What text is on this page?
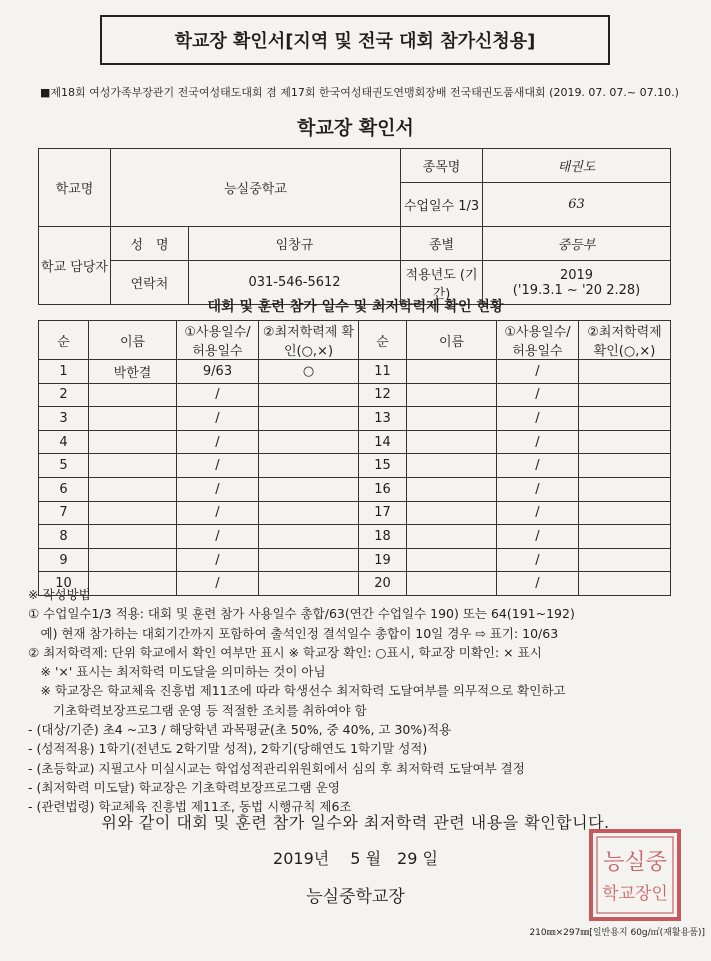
학교장 확인서[지역 및 전국 대회 참가신청용]
■제18회 여성가족부장관기 전국여성태도대회 겸 제17회 한국여성태권도연맹회장배 전국태권도품새대회 (2019. 07. 07.~ 07.10.)
학교장 확인서
학교명	능실중학교		종목명	태권도
			수업일수 1/3	63
학교 담당자	성　명	임창규	종별	중등부
	연락처	031-546-5612	적용년도 (기간)	2019
('19.3.1 ~ '20 2.28)
대회 및 훈련 참가 일수 및 최저학력제 확인 현황
순	이름	①사용일수/ 허용일수	②최저학력제 확인(○,×)	순	이름	①사용일수/ 허용일수	②최저학력제 확인(○,×)
1	박한결	9/63	○	11		/	
2		/		12		/	
3		/		13		/	
4		/		14		/	
5		/		15		/	
6		/		16		/	
7		/		17		/	
8		/		18		/	
9		/		19		/	
10		/		20		/	
※ 작성방법
① 수업일수1/3 적용: 대회 및 훈련 참가 사용일수 총합/63(연간 수업일수 190) 또는 64(191~192)
　예) 현재 참가하는 대회기간까지 포함하여 출석인정 결석일수 총합이 10일 경우 ⇨ 표기: 10/63
② 최저학력제: 단위 학교에서 확인 여부만 표시 ※ 학교장 확인: ○표시, 학교장 미확인: × 표시
　※ '×' 표시는 최저학력 미도달을 의미하는 것이 아님
　※ 학교장은 학교체육 진흥법 제11조에 따라 학생선수 최저학력 도달여부를 의무적으로 확인하고
　　기초학력보장프로그램 운영 등 적절한 조치를 취하여야 함
- (대상/기준) 초4 ~고3 / 해당학년 과목평균(초 50%, 중 40%, 고 30%)적용
- (성적적용) 1학기(전년도 2학기말 성적), 2학기(당해연도 1학기말 성적)
- (초등학교) 지필고사 미실시교는 학업성적관리위원회에서 심의 후 최저학력 도달여부 결정
- (최저학력 미도달) 학교장은 기초학력보장프로그램 운영
- (관련법령) 학교체육 진흥법 제11조, 동법 시행규칙 제6조
위와 같이 대회 및 훈련 참가 일수와 최저학력 관련 내용을 확인합니다.
2019년　 5 월　29 일
능실중학교장
능실중
학교장인
210㎜×297㎜[일반용지 60g/㎡(재활용품)]
